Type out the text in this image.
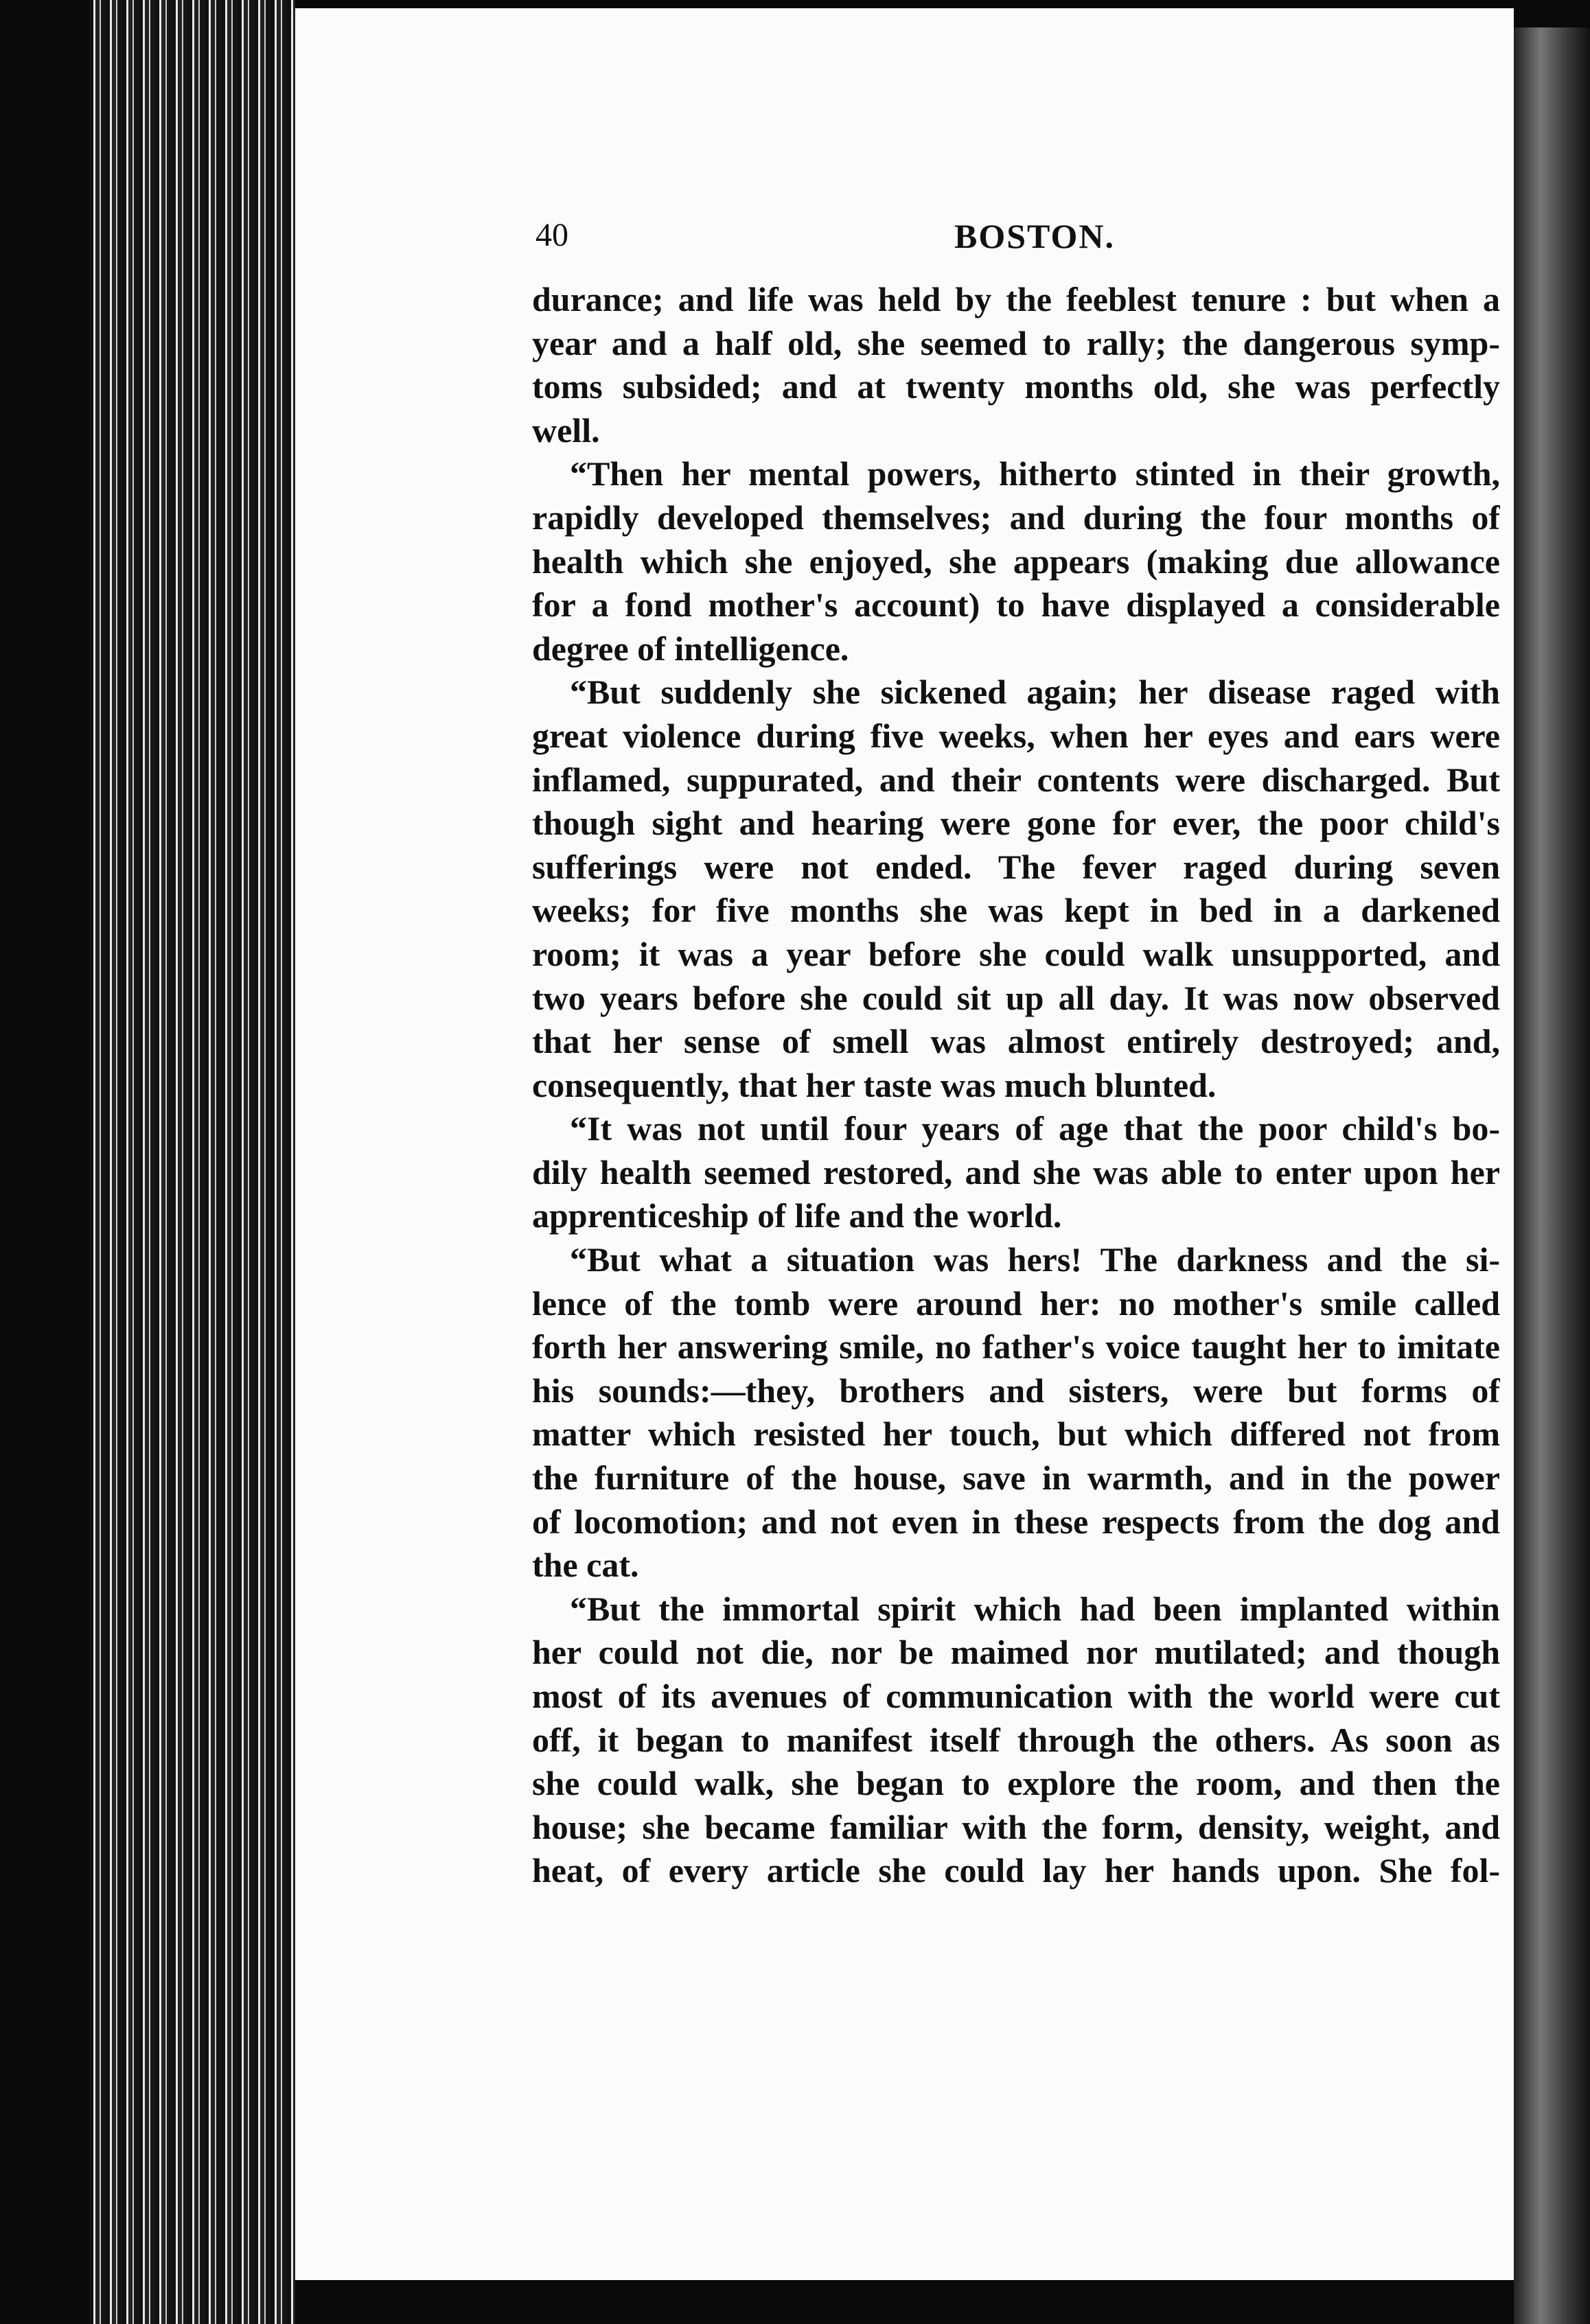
40	BOSTON.
durance; and life was held by the feeblest tenure : but when a
year and a half old, she seemed to rally; the dangerous symp-
toms subsided; and at twenty months old, she was perfectly
well.
“Then her mental powers, hitherto stinted in their growth,
rapidly developed themselves; and during the four months of
health which she enjoyed, she appears (making due allowance
for a fond mother's account) to have displayed a considerable
degree of intelligence.
“But suddenly she sickened again; her disease raged with
great violence during five weeks, when her eyes and ears were
inflamed, suppurated, and their contents were discharged. But
though sight and hearing were gone for ever, the poor child's
sufferings were not ended. The fever raged during seven
weeks; for five months she was kept in bed in a darkened
room; it was a year before she could walk unsupported, and
two years before she could sit up all day. It was now observed
that her sense of smell was almost entirely destroyed; and,
consequently, that her taste was much blunted.
“It was not until four years of age that the poor child's bo-
dily health seemed restored, and she was able to enter upon her
apprenticeship of life and the world.
“But what a situation was hers! The darkness and the si-
lence of the tomb were around her: no mother's smile called
forth her answering smile, no father's voice taught her to imitate
his sounds:—they, brothers and sisters, were but forms of
matter which resisted her touch, but which differed not from
the furniture of the house, save in warmth, and in the power
of locomotion; and not even in these respects from the dog and
the cat.
“But the immortal spirit which had been implanted within
her could not die, nor be maimed nor mutilated; and though
most of its avenues of communication with the world were cut
off, it began to manifest itself through the others. As soon as
she could walk, she began to explore the room, and then the
house; she became familiar with the form, density, weight, and
heat, of every article she could lay her hands upon. She fol-
